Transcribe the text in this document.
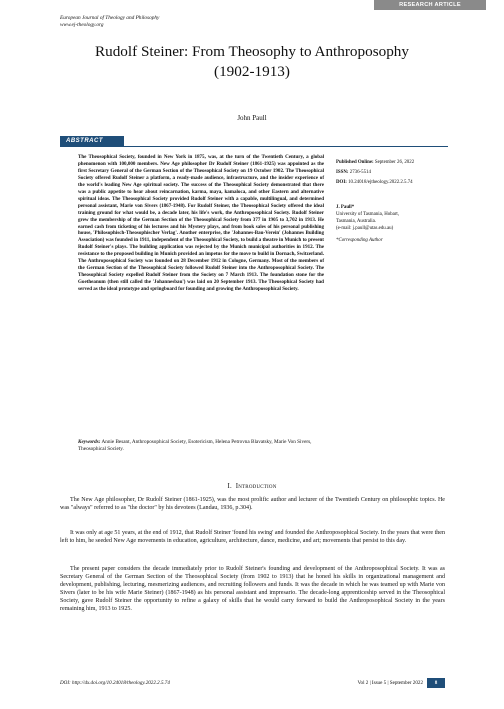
RESEARCH ARTICLE
European Journal of Theology and Philosophy
www.ej-theology.org
Rudolf Steiner: From Theosophy to Anthroposophy
(1902-1913)
John Paull
ABSTRACT

The Theosophical Society, founded in New York in 1875, was, at the turn of the Twentieth Century, a global phenomenon with 100,000 members. New Age philosopher Dr Rudolf Steiner (1861-1925) was appointed as the first Secretary General of the German Section of the Theosophical Society on 19 October 1902. The Theosophical Society offered Rudolf Steiner a platform, a ready-made audience, infrastructure, and the insider experience of the world's leading New Age spiritual society. The success of the Theosophical Society demonstrated that there was a public appetite to hear about reincarnation, karma, maya, kamaloca, and other Eastern and alternative spiritual ideas. The Theosophical Society provided Rudolf Steiner with a capable, multilingual, and determined personal assistant, Marie von Sivers (1867-1948). For Rudolf Steiner, the Theosophical Society offered the ideal training ground for what would be, a decade later, his life's work, the Anthroposophical Society. Rudolf Steiner grew the membership of the German Section of the Theosophical Society from 377 in 1905 to 3,702 in 1913. He earned cash from ticketing of his lectures and his Mystery plays, and from book sales of his personal publishing house, 'Philosophisch-Theosophischer Verlag'. Another enterprise, the 'Johannes-Bau-Verein' (Johannes Building Association) was founded in 1911, independent of the Theosophical Society, to build a theatre in Munich to present Rudolf Steiner's plays. The building application was rejected by the Munich municipal authorities in 1912. The resistance to the proposed building in Munich provided an impetus for the move to build in Dornach, Switzerland. The Anthroposophical Society was founded on 28 December 1912 in Cologne, Germany. Most of the members of the German Section of the Theosophical Society followed Rudolf Steiner into the Anthroposophical Society. The Theosophical Society expelled Rudolf Steiner from the Society on 7 March 1913. The foundation stone for the Goetheanum (then still called the 'Johannesbau') was laid on 20 September 1913. The Theosophical Society had served as the ideal prototype and springboard for founding and growing the Anthroposophical Society.

Published Online: September 26, 2022
ISSN: 2736-5514
DOI: 10.24018/ejtheology.2022.2.5.74
J. Paull*
University of Tasmania, Hobart,
Tasmania, Australia.
(e-mail: j.paull@utas.edu.au)
*Corresponding Author

Keywords: Annie Besant, Anthroposophical Society, Esotericism, Helena Petrovna Blavatsky, Marie Von Sivers, Theosophical Society.

I. Introduction

The New Age philosopher, Dr Rudolf Steiner (1861-1925), was the most prolific author and lecturer of the Twentieth Century on philosophic topics. He was "always" referred to as "the doctor" by his devotees (Landau, 1936, p.304).

It was only at age 51 years, at the end of 1912, that Rudolf Steiner 'found his swing' and founded the Anthroposophical Society. In the years that were then left to him, he seeded New Age movements in education, agriculture, architecture, dance, medicine, and art; movements that persist to this day.

The present paper considers the decade immediately prior to Rudolf Steiner's founding and development of the Anthroposophical Society. It was as Secretary General of the German Section of the Theosophical Society (from 1902 to 1913) that he honed his skills in organizational management and development, publishing, lecturing, mesmerizing audiences, and recruiting followers and funds. It was the decade in which he was teamed up with Marie von Sivers (later to be his wife Marie Steiner) (1867-1948) as his personal assistant and impresario. The decade-long apprenticeship served in the Theosophical Society, gave Rudolf Steiner the opportunity to refine a galaxy of skills that he would carry forward to build the Anthroposophical Society in the years remaining him, 1913 to 1925.

DOI: http://dx.doi.org/10.24018/theology.2022.2.5.74	Vol 2 | Issue 5 | September 2022	8
